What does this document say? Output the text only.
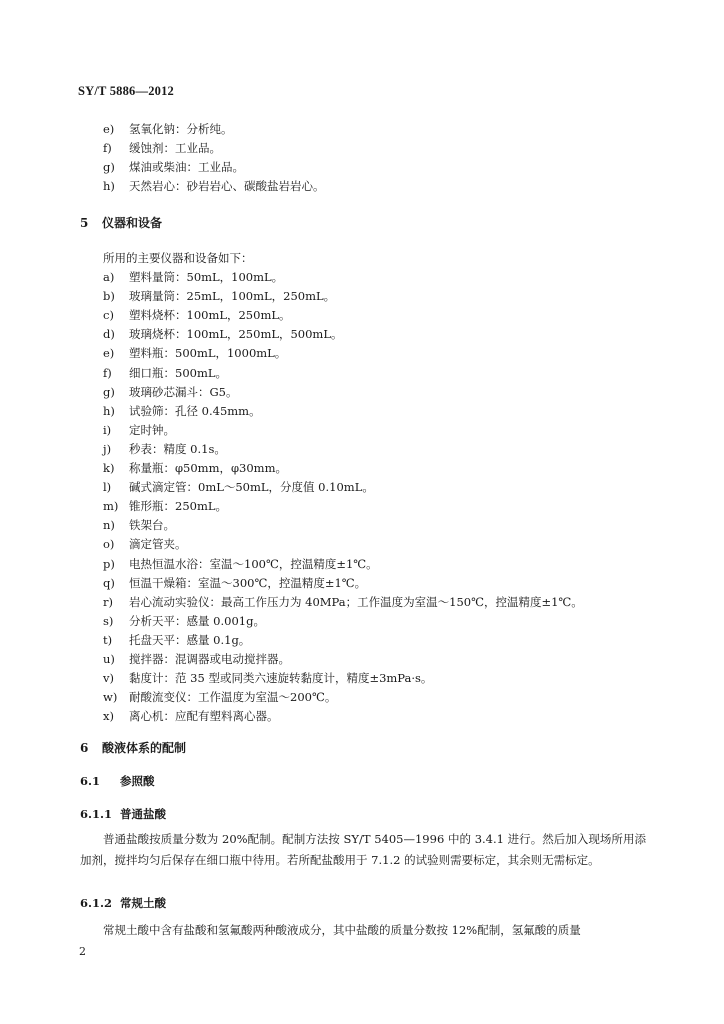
SY/T 5886—2012
e) 氢氧化钠：分析纯。
f) 缓蚀剂：工业品。
g) 煤油或柴油：工业品。
h) 天然岩心：砂岩岩心、碳酸盐岩岩心。
5 仪器和设备
所用的主要仪器和设备如下：
a) 塑料量筒：50mL，100mL。
b) 玻璃量筒：25mL，100mL，250mL。
c) 塑料烧杯：100mL，250mL。
d) 玻璃烧杯：100mL，250mL，500mL。
e) 塑料瓶：500mL，1000mL。
f) 细口瓶：500mL。
g) 玻璃砂芯漏斗：G5。
h) 试验筛：孔径 0.45mm。
i) 定时钟。
j) 秒表：精度 0.1s。
k) 称量瓶：φ50mm，φ30mm。
l) 碱式滴定管：0mL～50mL，分度值 0.10mL。
m) 锥形瓶：250mL。
n) 铁架台。
o) 滴定管夹。
p) 电热恒温水浴：室温～100℃，控温精度±1℃。
q) 恒温干燥箱：室温～300℃，控温精度±1℃。
r) 岩心流动实验仪：最高工作压力为 40MPa；工作温度为室温～150℃，控温精度±1℃。
s) 分析天平：感量 0.001g。
t) 托盘天平：感量 0.1g。
u) 搅拌器：混调器或电动搅拌器。
v) 黏度计：范 35 型或同类六速旋转黏度计，精度±3mPa·s。
w) 耐酸流变仪：工作温度为室温～200℃。
x) 离心机：应配有塑料离心器。
6 酸液体系的配制
6.1 参照酸
6.1.1 普通盐酸
普通盐酸按质量分数为 20%配制。配制方法按 SY/T 5405—1996 中的 3.4.1 进行。然后加入现场所用添加剂，搅拌均匀后保存在细口瓶中待用。若所配盐酸用于 7.1.2 的试验则需要标定，其余则无需标定。
6.1.2 常规土酸
常规土酸中含有盐酸和氢氟酸两种酸液成分，其中盐酸的质量分数按 12%配制，氢氟酸的质量
2
